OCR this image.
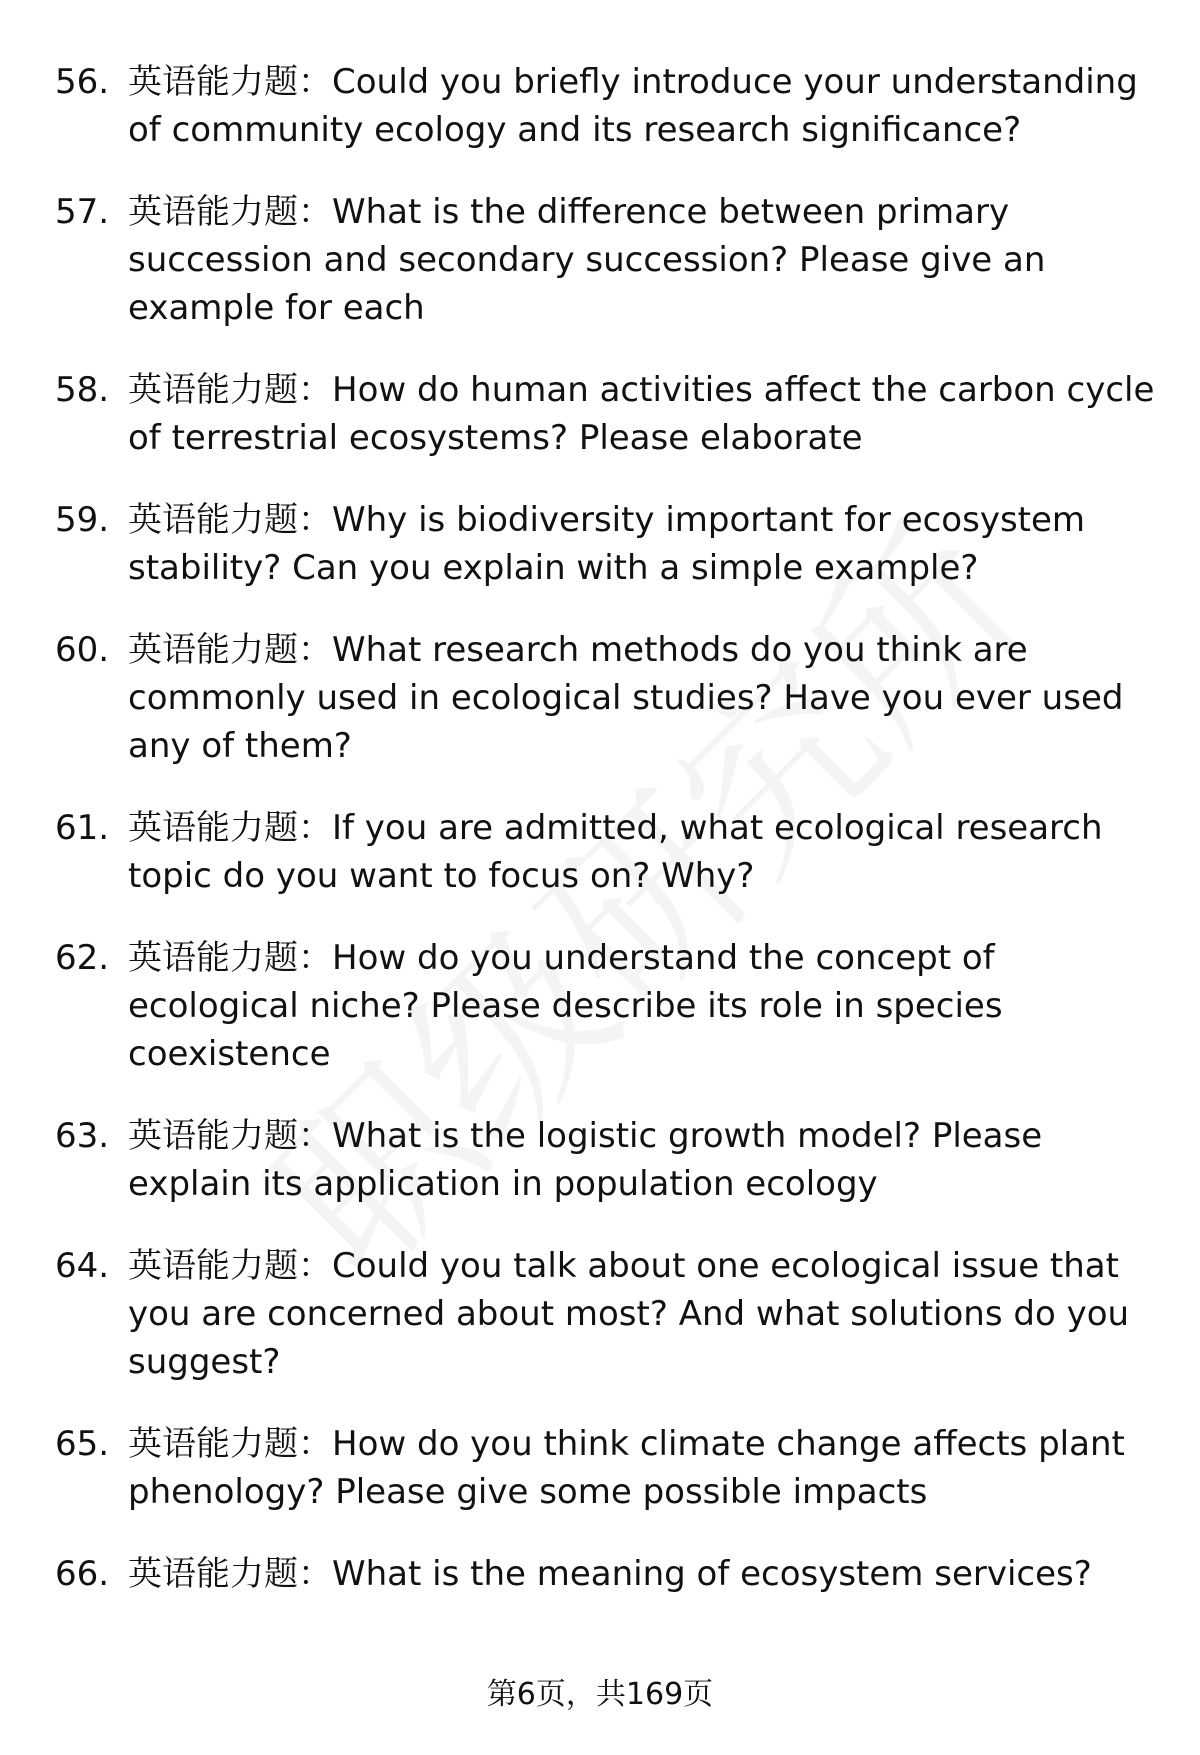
56. 英语能力题：Could you briefly introduce your understanding of community ecology and its research significance?
57. 英语能力题：What is the difference between primary succession and secondary succession? Please give an example for each
58. 英语能力题：How do human activities affect the carbon cycle of terrestrial ecosystems? Please elaborate
59. 英语能力题：Why is biodiversity important for ecosystem stability? Can you explain with a simple example?
60. 英语能力题：What research methods do you think are commonly used in ecological studies? Have you ever used any of them?
61. 英语能力题：If you are admitted, what ecological research topic do you want to focus on? Why?
62. 英语能力题：How do you understand the concept of ecological niche? Please describe its role in species coexistence
63. 英语能力题：What is the logistic growth model? Please explain its application in population ecology
64. 英语能力题：Could you talk about one ecological issue that you are concerned about most? And what solutions do you suggest?
65. 英语能力题：How do you think climate change affects plant phenology? Please give some possible impacts
66. 英语能力题：What is the meaning of ecosystem services?
第6页，共169页
